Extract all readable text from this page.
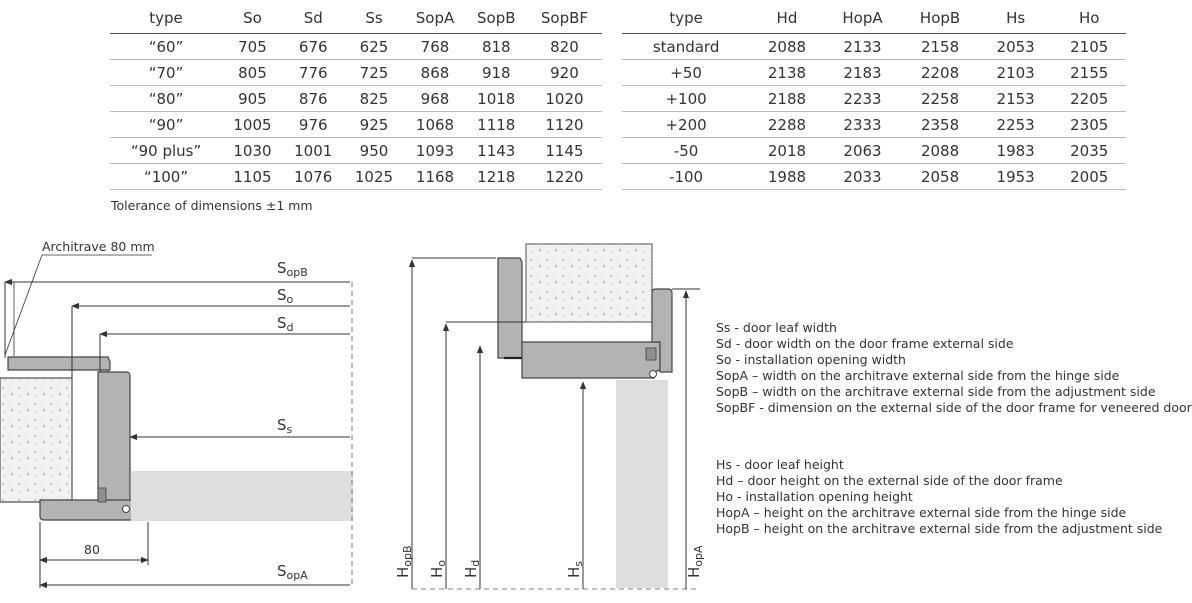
type	So	Sd	Ss	SopA	SopB	SopBF
“60”	705	676	625	768	818	820
“70”	805	776	725	868	918	920
“80”	905	876	825	968	1018	1020
“90”	1005	976	925	1068	1118	1120
“90 plus”	1030	1001	950	1093	1143	1145
“100”	1105	1076	1025	1168	1218	1220
type	Hd	HopA	HopB	Hs	Ho
standard	2088	2133	2158	2053	2105
+50	2138	2183	2208	2103	2155
+100	2188	2233	2258	2153	2205
+200	2288	2333	2358	2253	2305
-50	2018	2063	2088	1983	2035
-100	1988	2033	2058	1953	2005
Tolerance of dimensions ±1 mm
Architrave 80 mm
80
$S_{opB}$
$S_o$
$S_d$
$S_s$
$S_{opA}$	$H_{opB}$
$H_o$
$H_d$
$H_s$
$H_{opA}$
Ss - door leaf width
Sd - door width on the door frame external side
So - installation opening width
SopA – width on the architrave external side from the hinge side
SopB – width on the architrave external side from the adjustment side
SopBF - dimension on the external side of the door frame for veneered door
Hs - door leaf height
Hd – door height on the external side of the door frame
Ho - installation opening height
HopA – height on the architrave external side from the hinge side
HopB – height on the architrave external side from the adjustment side
